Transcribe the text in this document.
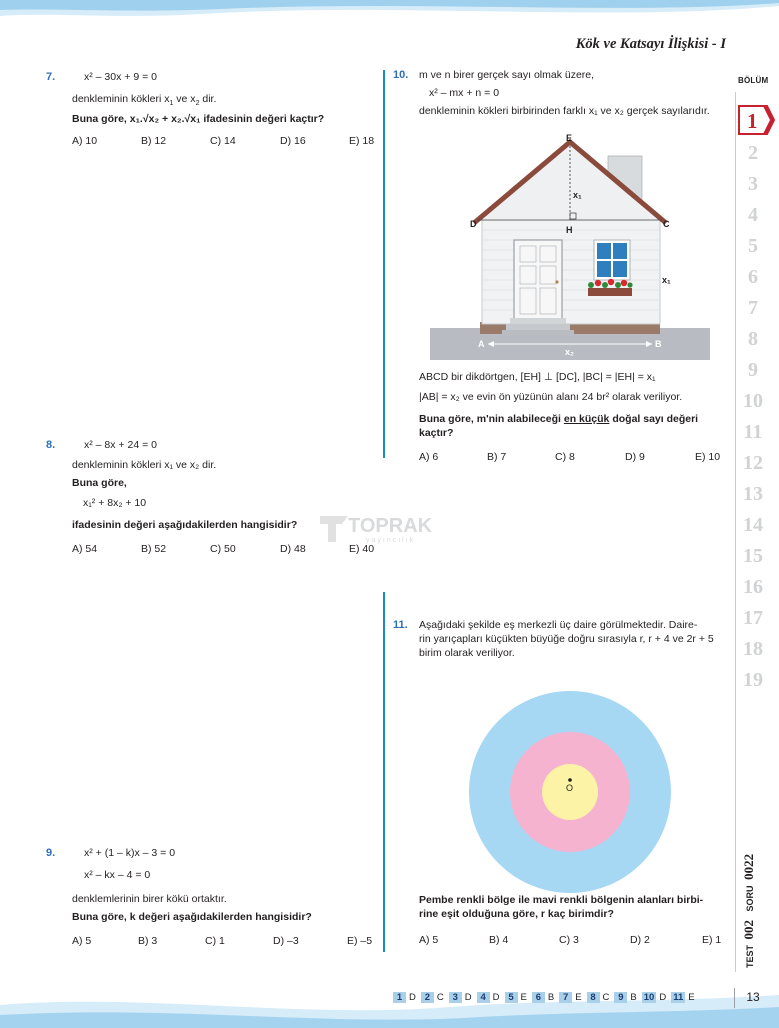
Kök ve Katsayı İlişkisi - I
7.	x² – 30x + 9 = 0
denkleminin kökleri $x_1$ ve $x_2$ dir.
Buna göre, x₁.√x₂ + x₂.√x₁ ifadesinin değeri kaçtır?
A) 10	B) 12	C) 14	D) 16	E) 18
8.	x² – 8x + 24 = 0
denkleminin kökleri x₁ ve x₂ dir.
Buna göre,
x₁² + 8x₂ + 10
ifadesinin değeri aşağıdakilerden hangisidir?
A) 54	B) 52	C) 50	D) 48	E) 40
9.	x² + (1 – k)x – 3 = 0
x² – kx – 4 = 0
denklemlerinin birer kökü ortaktır.
Buna göre, k değeri aşağıdakilerden hangisidir?
A) 5	B) 3	C) 1	D) –3	E) –5
10.	m ve n birer gerçek sayı olmak üzere,
x² – mx + n = 0
denkleminin kökleri birbirinden farklı x₁ ve x₂ gerçek sayılarıdır.
E
D	C
H
x₁
x₁
A	B
x₂
ABCD bir dikdörtgen, [EH] ⊥ [DC], |BC| = |EH| = x₁
|AB| = x₂ ve evin ön yüzünün alanı 24 br² olarak veriliyor.
Buna göre, m'nin alabileceği en küçük doğal sayı değeri kaçtır?
A) 6	B) 7	C) 8	D) 9	E) 10
11.	Aşağıdaki şekilde eş merkezli üç daire görülmektedir. Daire-
rin yarıçapları küçükten büyüğe doğru sırasıyla r, r + 4 ve 2r + 5
birim olarak veriliyor.
O
Pembe renkli bölge ile mavi renkli bölgenin alanları birbi-
rine eşit olduğuna göre, r kaç birimdir?
A) 5	B) 4	C) 3	D) 2	E) 1
TOPRAK
yayıncılık
BÖLÜM
1
2
3
4
5
6
7
8
9
10
11
12
13
14
15
16
17
18
19
TEST 002 SORU 0022
1 D 2 C 3 D 4 D 5 E 6 B 7 E 8 C 9 B 10 D 11 E	13
